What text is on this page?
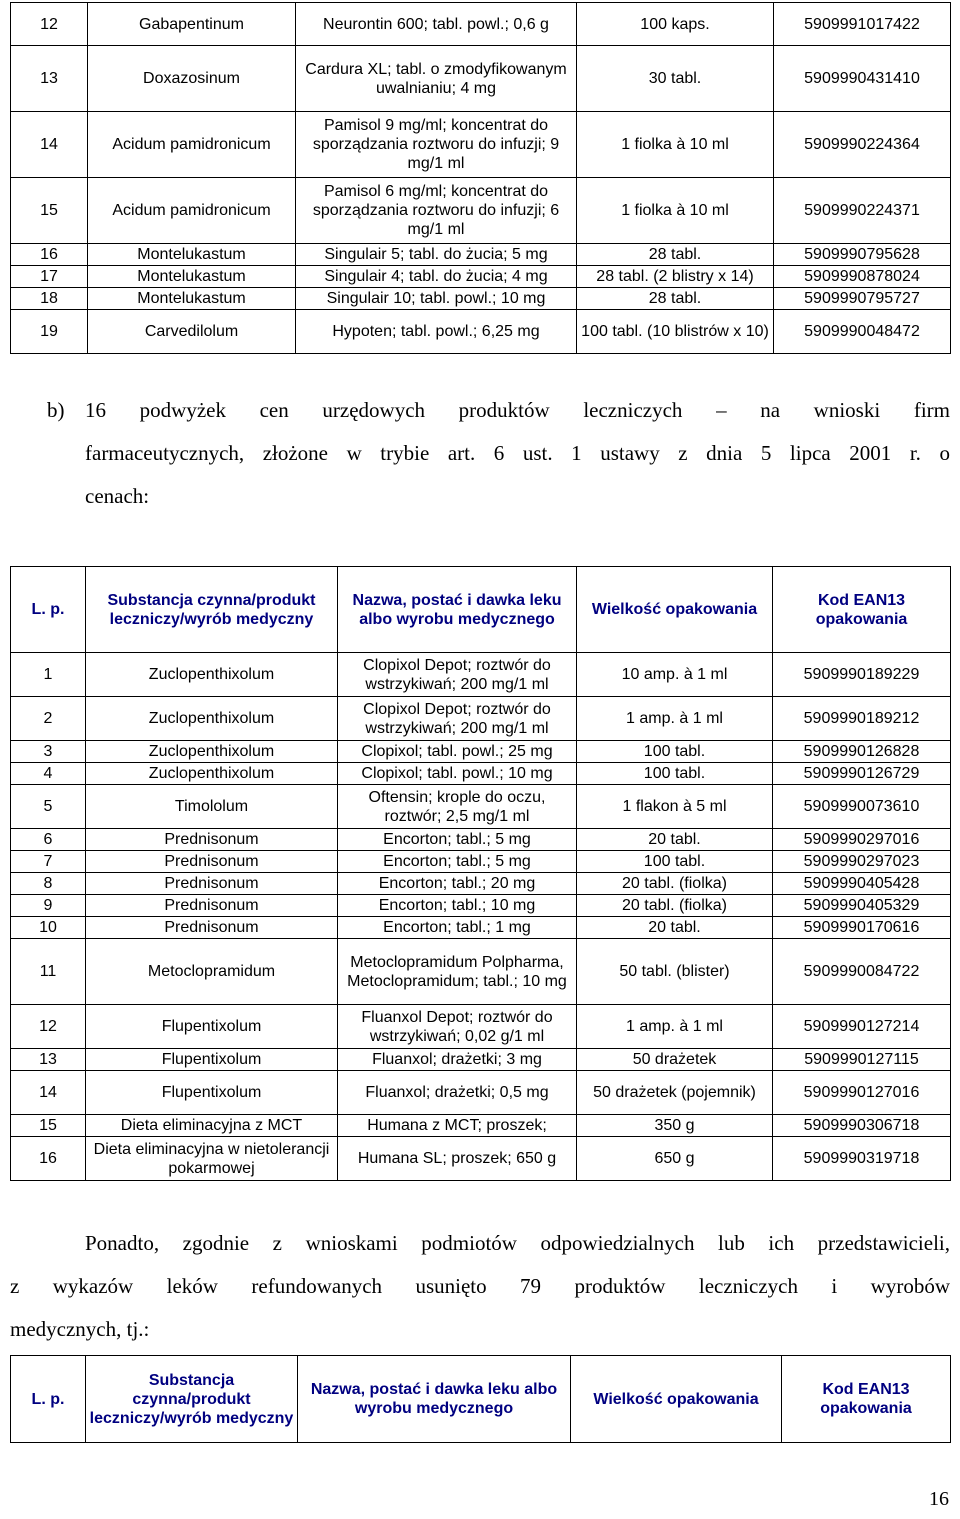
12	Gabapentinum	Neurontin 600; tabl. powl.; 0,6 g	100 kaps.	5909991017422
13	Doxazosinum	Cardura XL; tabl. o zmodyfikowanym uwalnianiu; 4 mg	30 tabl.	5909990431410
14	Acidum pamidronicum	Pamisol 9 mg/ml; koncentrat do sporządzania roztworu do infuzji; 9 mg/1 ml	1 fiolka à 10 ml	5909990224364
15	Acidum pamidronicum	Pamisol 6 mg/ml; koncentrat do sporządzania roztworu do infuzji; 6 mg/1 ml	1 fiolka à 10 ml	5909990224371
16	Montelukastum	Singulair 5; tabl. do żucia; 5 mg	28 tabl.	5909990795628
17	Montelukastum	Singulair 4; tabl. do żucia; 4 mg	28 tabl. (2 blistry x 14)	5909990878024
18	Montelukastum	Singulair 10; tabl. powl.; 10 mg	28 tabl.	5909990795727
19	Carvedilolum	Hypoten; tabl. powl.; 6,25 mg	100 tabl. (10 blistrów x 10)	5909990048472
b) 16 podwyżek cen urzędowych produktów leczniczych – na wnioski firm
farmaceutycznych, złożone w trybie art. 6 ust. 1 ustawy z dnia 5 lipca 2001 r. o
cenach:
L. p.	Substancja czynna/produkt leczniczy/wyrób medyczny	Nazwa, postać i dawka leku albo wyrobu medycznego	Wielkość opakowania	Kod EAN13 opakowania
1	Zuclopenthixolum	Clopixol Depot; roztwór do wstrzykiwań; 200 mg/1 ml	10 amp. à 1 ml	5909990189229
2	Zuclopenthixolum	Clopixol Depot; roztwór do wstrzykiwań; 200 mg/1 ml	1 amp. à 1 ml	5909990189212
3	Zuclopenthixolum	Clopixol; tabl. powl.; 25 mg	100 tabl.	5909990126828
4	Zuclopenthixolum	Clopixol; tabl. powl.; 10 mg	100 tabl.	5909990126729
5	Timololum	Oftensin; krople do oczu, roztwór; 2,5 mg/1 ml	1 flakon à 5 ml	5909990073610
6	Prednisonum	Encorton; tabl.; 5 mg	20 tabl.	5909990297016
7	Prednisonum	Encorton; tabl.; 5 mg	100 tabl.	5909990297023
8	Prednisonum	Encorton; tabl.; 20 mg	20 tabl. (fiolka)	5909990405428
9	Prednisonum	Encorton; tabl.; 10 mg	20 tabl. (fiolka)	5909990405329
10	Prednisonum	Encorton; tabl.; 1 mg	20 tabl.	5909990170616
11	Metoclopramidum	Metoclopramidum Polpharma, Metoclopramidum; tabl.; 10 mg	50 tabl. (blister)	5909990084722
12	Flupentixolum	Fluanxol Depot; roztwór do wstrzykiwań; 0,02 g/1 ml	1 amp. à 1 ml	5909990127214
13	Flupentixolum	Fluanxol; drażetki; 3 mg	50 drażetek	5909990127115
14	Flupentixolum	Fluanxol; drażetki; 0,5 mg	50 drażetek (pojemnik)	5909990127016
15	Dieta eliminacyjna z MCT	Humana z MCT; proszek;	350 g	5909990306718
16	Dieta eliminacyjna w nietolerancji pokarmowej	Humana SL; proszek; 650 g	650 g	5909990319718
Ponadto, zgodnie z wnioskami podmiotów odpowiedzialnych lub ich przedstawicieli,
z wykazów leków refundowanych usunięto 79 produktów leczniczych i wyrobów
medycznych, tj.:
L. p.	Substancja czynna/produkt leczniczy/wyrób medyczny	Nazwa, postać i dawka leku albo wyrobu medycznego	Wielkość opakowania	Kod EAN13 opakowania
16
